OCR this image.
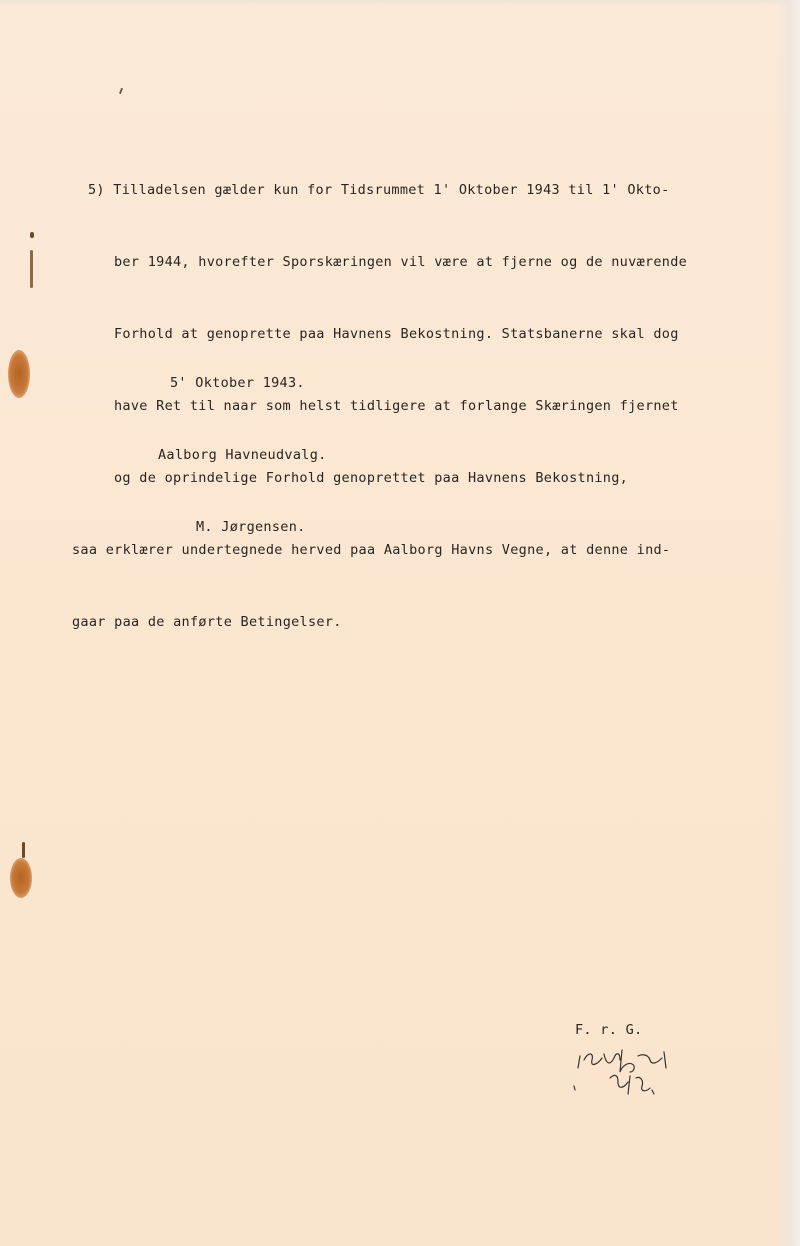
5) Tilladelsen gælder kun for Tidsrummet 1' Oktober 1943 til 1' Okto-

ber 1944, hvorefter Sporskæringen vil være at fjerne og de nuværende

Forhold at genoprette paa Havnens Bekostning. Statsbanerne skal dog

have Ret til naar som helst tidligere at forlange Skæringen fjernet

og de oprindelige Forhold genoprettet paa Havnens Bekostning,

saa erklærer undertegnede herved paa Aalborg Havns Vegne, at denne ind-

gaar paa de anførte Betingelser.

5' Oktober 1943.

Aalborg Havneudvalg.

M. Jørgensen.

F. r. G.
